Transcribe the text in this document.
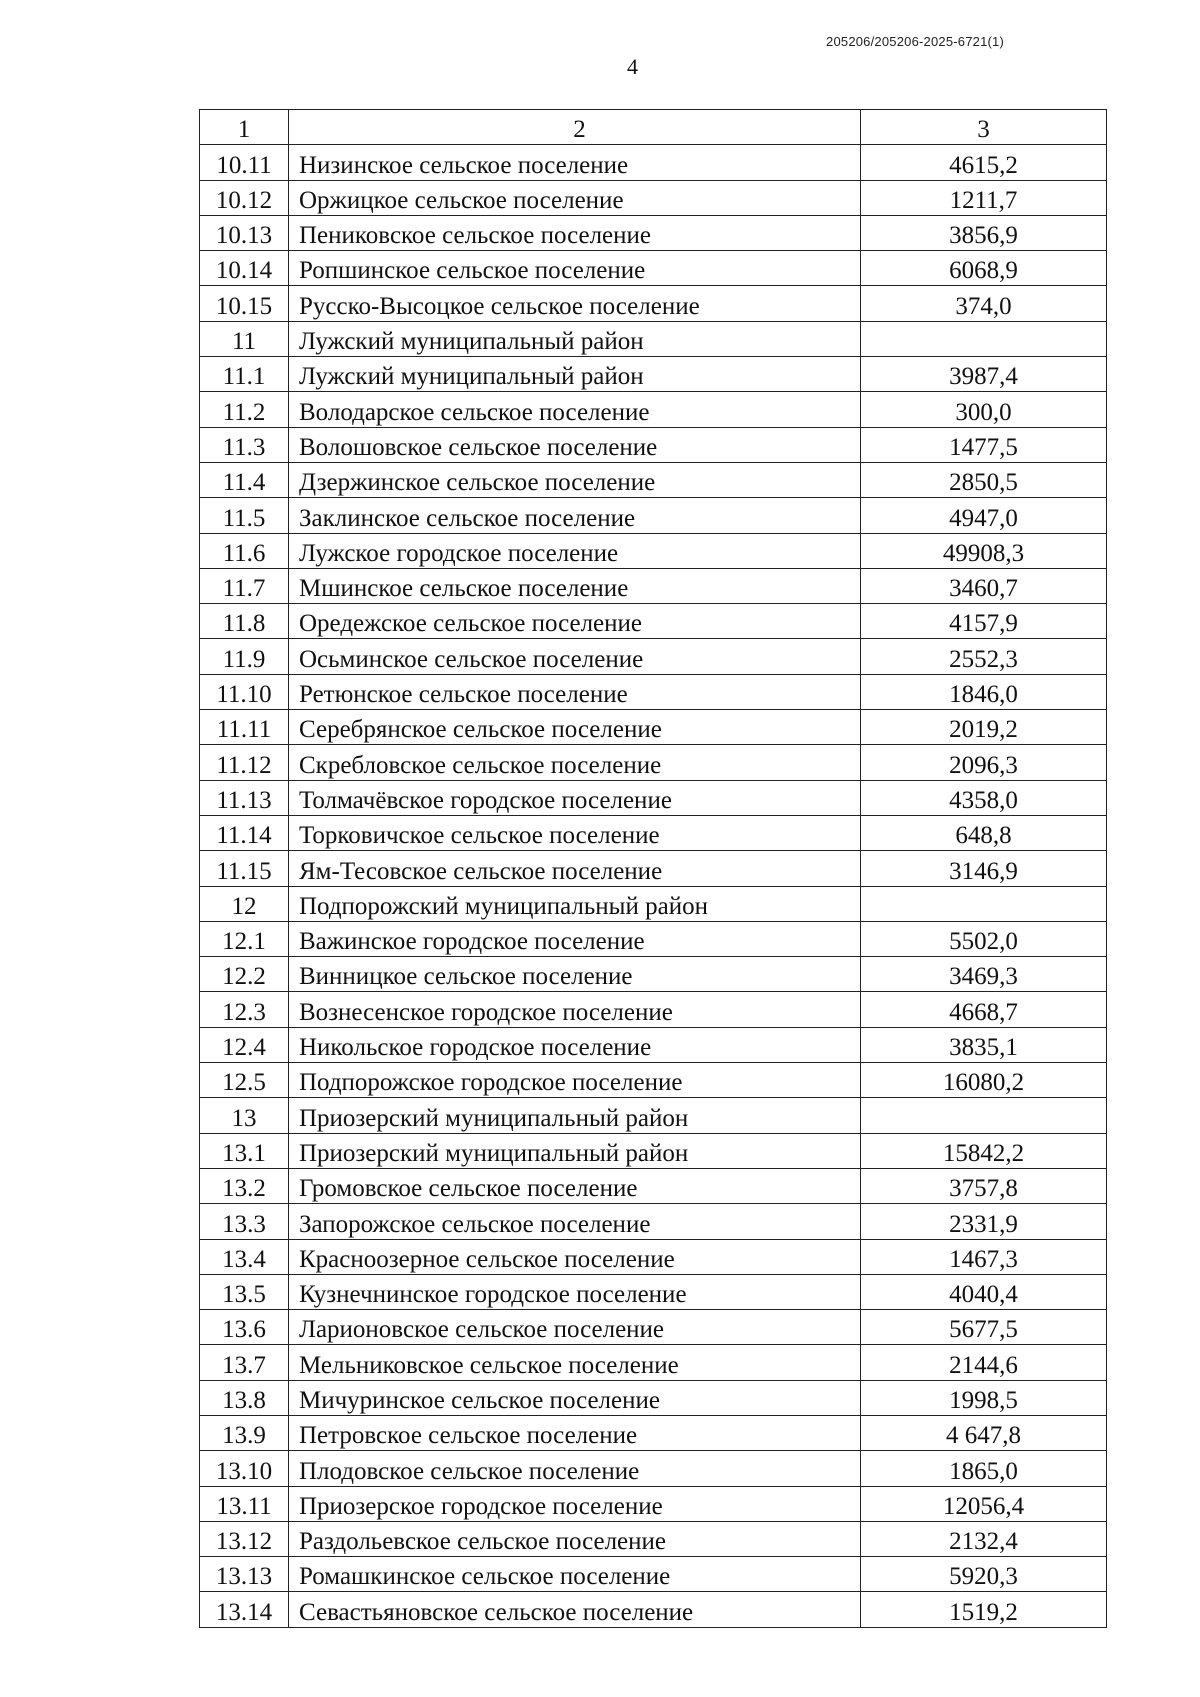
205206/205206-2025-6721(1)
4
1	2	3
10.11	Низинское сельское поселение	4615,2
10.12	Оржицкое сельское поселение	1211,7
10.13	Пениковское сельское поселение	3856,9
10.14	Ропшинское сельское поселение	6068,9
10.15	Русско-Высоцкое сельское поселение	374,0
11	Лужский муниципальный район	
11.1	Лужский муниципальный район	3987,4
11.2	Володарское сельское поселение	300,0
11.3	Волошовское сельское поселение	1477,5
11.4	Дзержинское сельское поселение	2850,5
11.5	Заклинское сельское поселение	4947,0
11.6	Лужское городское поселение	49908,3
11.7	Мшинское сельское поселение	3460,7
11.8	Оредежское сельское поселение	4157,9
11.9	Осьминское сельское поселение	2552,3
11.10	Ретюнское сельское поселение	1846,0
11.11	Серебрянское сельское поселение	2019,2
11.12	Скребловское сельское поселение	2096,3
11.13	Толмачёвское городское поселение	4358,0
11.14	Торковичское сельское поселение	648,8
11.15	Ям-Тесовское сельское поселение	3146,9
12	Подпорожский муниципальный район	
12.1	Важинское городское поселение	5502,0
12.2	Винницкое сельское поселение	3469,3
12.3	Вознесенское городское поселение	4668,7
12.4	Никольское городское поселение	3835,1
12.5	Подпорожское городское поселение	16080,2
13	Приозерский муниципальный район	
13.1	Приозерский муниципальный район	15842,2
13.2	Громовское сельское поселение	3757,8
13.3	Запорожское сельское поселение	2331,9
13.4	Красноозерное сельское поселение	1467,3
13.5	Кузнечнинское городское поселение	4040,4
13.6	Ларионовское сельское поселение	5677,5
13.7	Мельниковское сельское поселение	2144,6
13.8	Мичуринское сельское поселение	1998,5
13.9	Петровское сельское поселение	4 647,8
13.10	Плодовское сельское поселение	1865,0
13.11	Приозерское городское поселение	12056,4
13.12	Раздольевское сельское поселение	2132,4
13.13	Ромашкинское сельское поселение	5920,3
13.14	Севастьяновское сельское поселение	1519,2
